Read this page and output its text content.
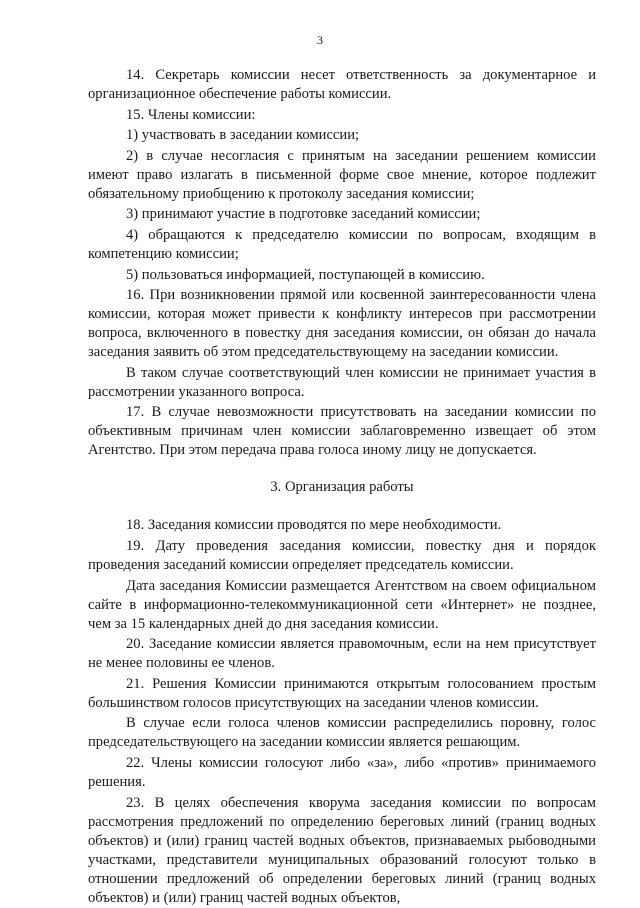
3

14. Секретарь комиссии несет ответственность за документарное и организационное обеспечение работы комиссии.

15. Члены комиссии:

1) участвовать в заседании комиссии;

2) в случае несогласия с принятым на заседании решением комиссии имеют право излагать в письменной форме свое мнение, которое подлежит обязательному приобщению к протоколу заседания комиссии;

3) принимают участие в подготовке заседаний комиссии;

4) обращаются к председателю комиссии по вопросам, входящим в компетенцию комиссии;

5) пользоваться информацией, поступающей в комиссию.

16. При возникновении прямой или косвенной заинтересованности члена комиссии, которая может привести к конфликту интересов при рассмотрении вопроса, включенного в повестку дня заседания комиссии, он обязан до начала заседания заявить об этом председательствующему на заседании комиссии.

В таком случае соответствующий член комиссии не принимает участия в рассмотрении указанного вопроса.

17. В случае невозможности присутствовать на заседании комиссии по объективным причинам член комиссии заблаговременно извещает об этом Агентство. При этом передача права голоса иному лицу не допускается.

3. Организация работы

18. Заседания комиссии проводятся по мере необходимости.

19. Дату проведения заседания комиссии, повестку дня и порядок проведения заседаний комиссии определяет председатель комиссии.

Дата заседания Комиссии размещается Агентством на своем официальном сайте в информационно-телекоммуникационной сети «Интернет» не позднее, чем за 15 календарных дней до дня заседания комиссии.

20. Заседание комиссии является правомочным, если на нем присутствует не менее половины ее членов.

21. Решения Комиссии принимаются открытым голосованием простым большинством голосов присутствующих на заседании членов комиссии.

В случае если голоса членов комиссии распределились поровну, голос председательствующего на заседании комиссии является решающим.

22. Члены комиссии голосуют либо «за», либо «против» принимаемого решения.

23. В целях обеспечения кворума заседания комиссии по вопросам рассмотрения предложений по определению береговых линий (границ водных объектов) и (или) границ частей водных объектов, признаваемых рыбоводными участками, представители муниципальных образований голосуют только в отношении предложений об определении береговых линий (границ водных объектов) и (или) границ частей водных объектов,
